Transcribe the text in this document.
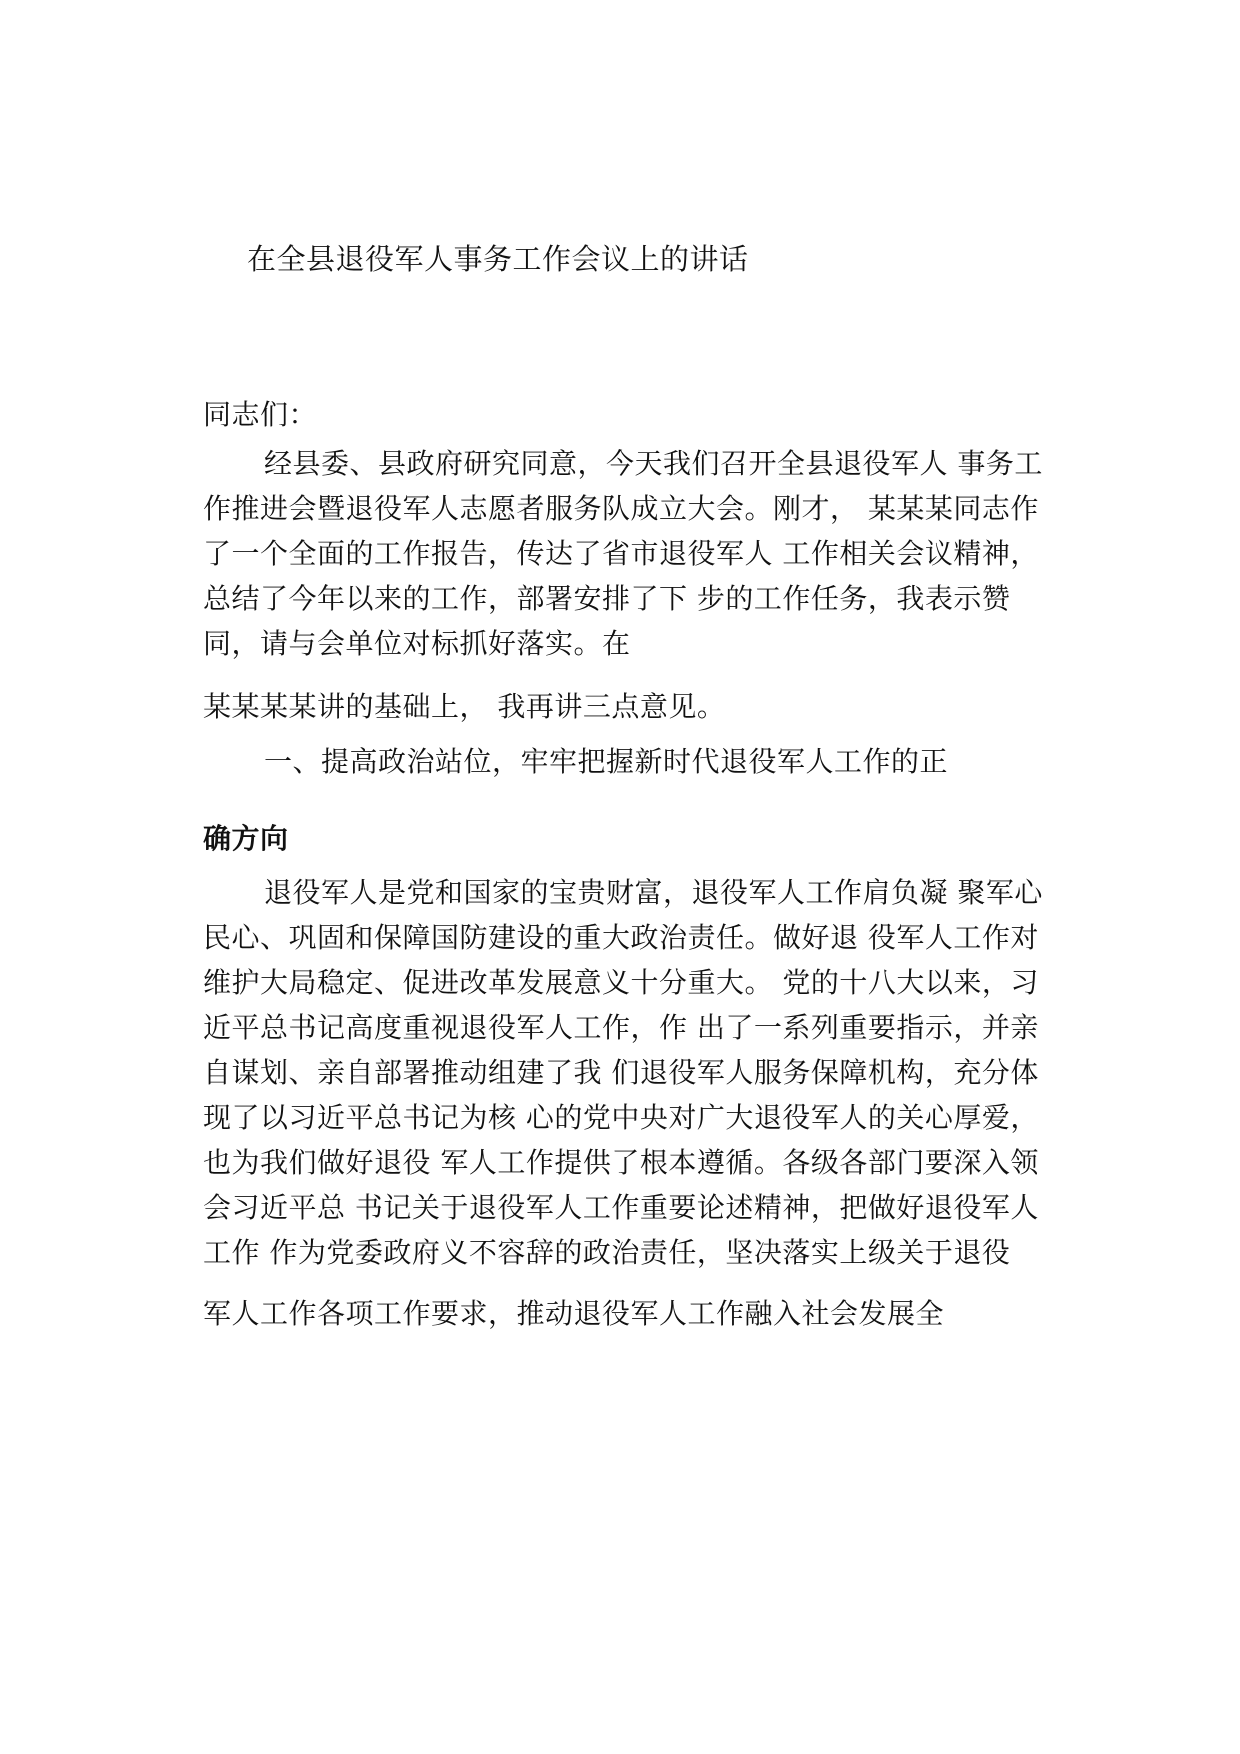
在全县退役军人事务工作会议上的讲话
同志们：
经县委、县政府研究同意，今天我们召开全县退役军人 事务工
作推进会暨退役军人志愿者服务队成立大会。刚才， 某某某同志作
了一个全面的工作报告，传达了省市退役军人 工作相关会议精神，
总结了今年以来的工作，部署安排了下 步的工作任务，我表示赞
同，请与会单位对标抓好落实。在
某某某某讲的基础上， 我再讲三点意见。
一、提高政治站位，牢牢把握新时代退役军人工作的正
确方向
退役军人是党和国家的宝贵财富，退役军人工作肩负凝 聚军心
民心、巩固和保障国防建设的重大政治责任。做好退 役军人工作对
维护大局稳定、促进改革发展意义十分重大。 党的十八大以来，习
近平总书记高度重视退役军人工作，作 出了一系列重要指示，并亲
自谋划、亲自部署推动组建了我 们退役军人服务保障机构，充分体
现了以习近平总书记为核 心的党中央对广大退役军人的关心厚爱，
也为我们做好退役 军人工作提供了根本遵循。各级各部门要深入领
会习近平总 书记关于退役军人工作重要论述精神，把做好退役军人
工作 作为党委政府义不容辞的政治责任，坚决落实上级关于退役
军人工作各项工作要求，推动退役军人工作融入社会发展全
